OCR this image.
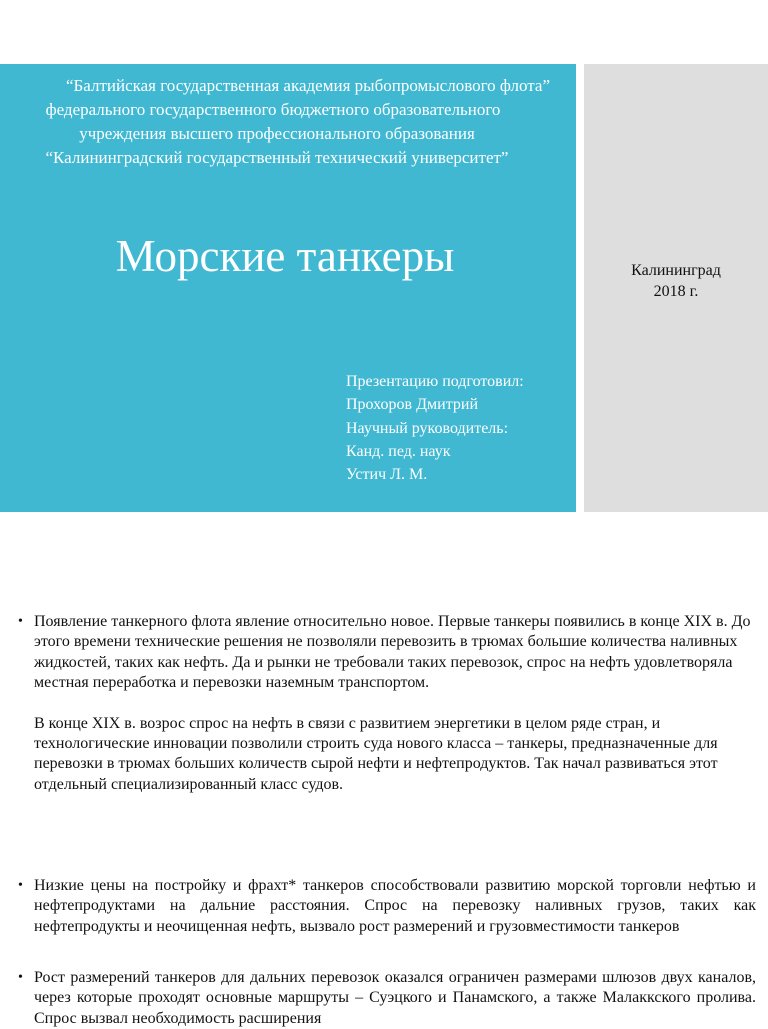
“Балтийская государственная академия рыбопромыслового флота”
федерального государственного бюджетного образовательного
учреждения высшего профессионального образования
“Калининградский государственный технический университет”
Морские танкеры
Презентацию подготовил:
Прохоров Дмитрий
Научный руководитель:
Канд. пед. наук
Устич Л. М.
Калининград
2018 г.
• Появление танкерного флота явление относительно новое. Первые танкеры появились в конце XIX в. До этого времени технические решения не позволяли перевозить в трюмах большие количества наливных жидкостей, таких как нефть. Да и рынки не требовали таких перевозок, спрос на нефть удовлетворяла местная переработка и перевозки наземным транспортом.
В конце XIX в. возрос спрос на нефть в связи с развитием энергетики в целом ряде стран, и технологические инновации позволили строить суда нового класса – танкеры, предназначенные для перевозки в трюмах больших количеств сырой нефти и нефтепродуктов. Так начал развиваться этот отдельный специализированный класс судов.
• Низкие цены на постройку и фрахт* танкеров способствовали развитию морской торговли нефтью и нефтепродуктами на дальние расстояния. Спрос на перевозку наливных грузов, таких как нефтепродукты и неочищенная нефть, вызвало рост размерений и грузовместимости танкеров
• Рост размерений танкеров для дальних перевозок оказался ограничен размерами шлюзов двух каналов, через которые проходят основные маршруты – Суэцкого и Панамского, а также Малаккского пролива. Спрос вызвал необходимость расширения
